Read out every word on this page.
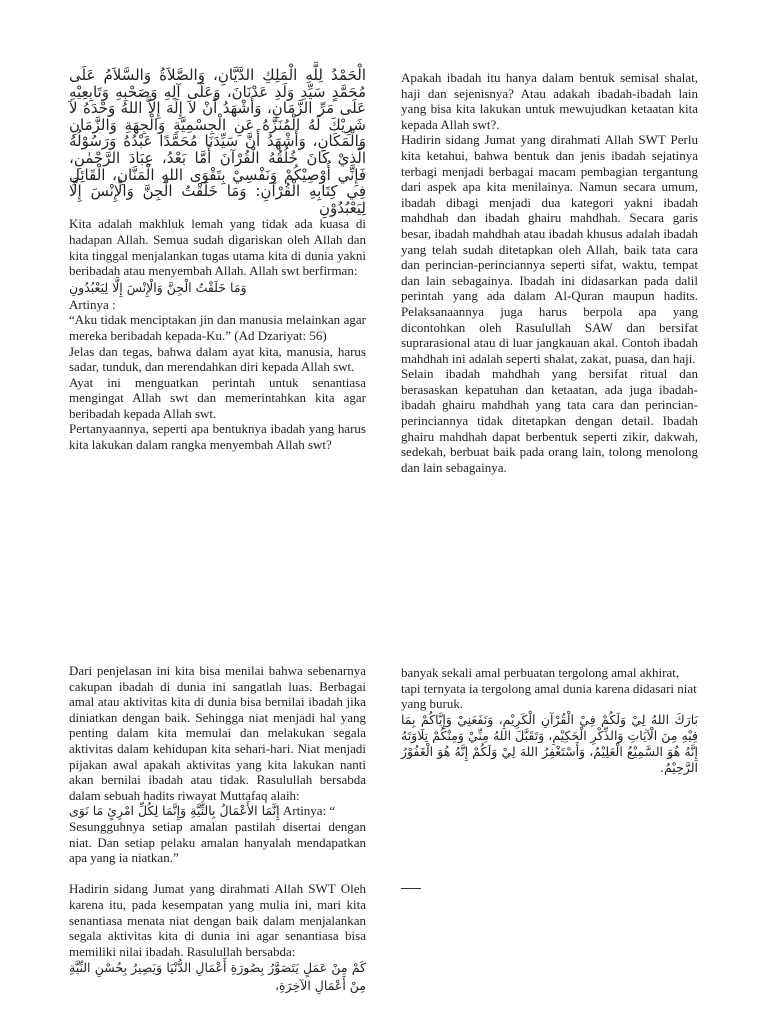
الْحَمْدُ لِلَّهِ الْمَلِكِ الدَّيَّانِ، وَالصَّلاَةُ وَالسَّلاَمُ عَلَى مُحَمَّدٍ سَيِّدِ وَلَدِ عَدْنَانَ، وَعَلَى آلِهِ وَصَحْبِهِ وَتَابِعِيْهِ عَلَى مَرِّ الزَّمَانِ، وَأَشْهَدُ أَنْ لاَ إِلَهَ إِلاَّ اللهُ وَحْدَهُ لاَ شَرِيْكَ لَهُ الْمُنَزَّهُ عَنِ الْجِسْمِيَّةِ وَالْجِهَةِ وَالزَّمَانِ وَالْمَكَانِ، وَأَشْهَدُ أَنَّ سَيِّدَنَا مُحَمَّدًا عَبْدُهُ وَرَسُوْلُهُ الَّذِيْ كَانَ خُلُقُهُ الْقُرْآنَ أَمَّا بَعْدُ، عِبَادَ الرَّحْمٰنِ، فَإِنِّي أُوْصِيْكُمْ وَنَفْسِيْ بِتَقْوَى اللهِ الْمَنَّانِ، الْقَائِلِ فِي كِتَابِهِ الْقُرْآنِ: وَمَا خَلَقْتُ الْجِنَّ وَالْإِنْسَ إِلَّا لِيَعْبُدُوْنِ

Kita adalah makhluk lemah yang tidak ada kuasa di hadapan Allah. Semua sudah digariskan oleh Allah dan kita tinggal menjalankan tugas utama kita di dunia yakni beribadah atau menyembah Allah. Allah swt berfirman:

وَمَا خَلَقْتُ الْجِنَّ وَالْإِنْسَ إِلَّا لِيَعْبُدُونِ

Artinya :

“Aku tidak menciptakan jin dan manusia melainkan agar mereka beribadah kepada-Ku.” (Ad Dzariyat: 56)

Jelas dan tegas, bahwa dalam ayat kita, manusia, harus sadar, tunduk, dan merendahkan diri kepada Allah swt.

Ayat ini menguatkan perintah untuk senantiasa mengingat Allah swt dan memerintahkan kita agar beribadah kepada Allah swt.

Pertanyaannya, seperti apa bentuknya ibadah yang harus kita lakukan dalam rangka menyembah Allah swt?

Apakah ibadah itu hanya dalam bentuk semisal shalat, haji dan sejenisnya? Atau adakah ibadah-ibadah lain yang bisa kita lakukan untuk mewujudkan ketaatan kita kepada Allah swt?.

Hadirin sidang Jumat yang dirahmati Allah SWT Perlu kita ketahui, bahwa bentuk dan jenis ibadah sejatinya terbagi menjadi berbagai macam pembagian tergantung dari aspek apa kita menilainya. Namun secara umum, ibadah dibagi menjadi dua kategori yakni ibadah mahdhah dan ibadah ghairu mahdhah. Secara garis besar, ibadah mahdhah atau ibadah khusus adalah ibadah yang telah sudah ditetapkan oleh Allah, baik tata cara dan perincian-perinciannya seperti sifat, waktu, tempat dan lain sebagainya. Ibadah ini didasarkan pada dalil perintah yang ada dalam Al-Quran maupun hadits. Pelaksanaannya juga harus berpola apa yang dicontohkan oleh Rasulullah SAW dan bersifat suprarasional atau di luar jangkauan akal. Contoh ibadah mahdhah ini adalah seperti shalat, zakat, puasa, dan haji.

Selain ibadah mahdhah yang bersifat ritual dan berasaskan kepatuhan dan ketaatan, ada juga ibadah-ibadah ghairu mahdhah yang tata cara dan perincian-perinciannya tidak ditetapkan dengan detail. Ibadah ghairu mahdhah dapat berbentuk seperti zikir, dakwah, sedekah, berbuat baik pada orang lain, tolong menolong dan lain sebagainya.

Dari penjelasan ini kita bisa menilai bahwa sebenarnya cakupan ibadah di dunia ini sangatlah luas. Berbagai amal atau aktivitas kita di dunia bisa bernilai ibadah jika diniatkan dengan baik. Sehingga niat menjadi hal yang penting dalam kita memulai dan melakukan segala aktivitas dalam kehidupan kita sehari-hari. Niat menjadi pijakan awal apakah aktivitas yang kita lakukan nanti akan bernilai ibadah atau tidak. Rasulullah bersabda dalam sebuah hadits riwayat Muttafaq alaih:

إِنَّمَا الأَعْمَالُ بِالنِّيَّةِ وَإِنَّمَا لِكُلِّ امْرِئٍ مَا نَوَى Artinya: “

Sesungguhnya setiap amalan pastilah disertai dengan niat. Dan setiap pelaku amalan hanyalah mendapatkan apa yang ia niatkan.”

Hadirin sidang Jumat yang dirahmati Allah SWT Oleh karena itu, pada kesempatan yang mulia ini, mari kita senantiasa menata niat dengan baik dalam menjalankan segala aktivitas kita di dunia ini agar senantiasa bisa memiliki nilai ibadah. Rasulullah bersabda:

كَمْ مِنْ عَمَلٍ يَتَصَوَّرُ بِصُورَةِ أَعْمَالِ الدُّنْيَا وَيَصِيرُ بِحُسْنِ النِّيَّةِ مِنْ أَعْمَالِ الآخِرَةِ،

banyak sekali amal perbuatan tergolong amal akhirat, tapi ternyata ia tergolong amal dunia karena didasari niat yang buruk.

بَارَكَ اللهُ لِيْ وَلَكُمْ فِيْ الْقُرْآنِ الْكَرِيْمِ، وَنَفَعَنِيْ وَإِيَّاكُمْ بِمَا فِيْهِ مِنَ الْآيَاتِ وَالذِّكْرِ الْحَكِيْمِ، وَتَقَبَّلَ اللهُ مِنِّيْ وَمِنْكُمْ تِلَاوَتَهُ إِنَّهُ هُوَ السَّمِيْعُ الْعَلِيْمُ، وَأَسْتَغْفِرُ اللهَ لِيْ وَلَكُمْ إِنَّهُ هُوَ الْغَفُوْرُ الرَّحِيْمُ.
